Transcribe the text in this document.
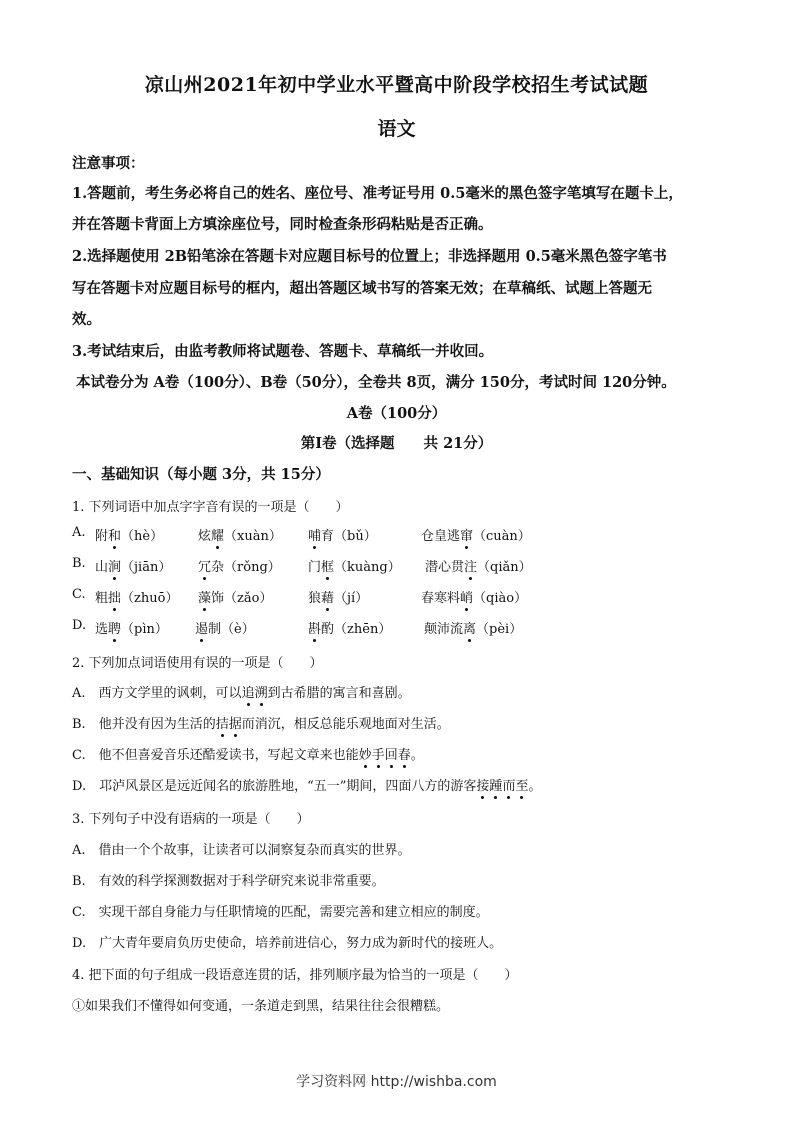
凉山州2021年初中学业水平暨高中阶段学校招生考试试题
语文
注意事项：
1.答题前，考生务必将自己的姓名、座位号、准考证号用 0.5毫米的黑色签字笔填写在题卡上，
并在答题卡背面上方填涂座位号，同时检查条形码粘贴是否正确。
2.选择题使用 2B铅笔涂在答题卡对应题目标号的位置上；非选择题用 0.5毫米黑色签字笔书
写在答题卡对应题目标号的框内，超出答题区域书写的答案无效；在草稿纸、试题上答题无
效。
3.考试结束后，由监考教师将试题卷、答题卡、草稿纸一并收回。
本试卷分为 A卷（100分）、B卷（50分），全卷共 8页，满分 150分，考试时间 120分钟。
A卷（100分）
第Ⅰ卷（选择题　　共 21分）
一、基础知识（每小题 3分，共 15分）
1. 下列词语中加点字字音有误的一项是（　　）
A. 附和（hè）	炫耀（xuàn） 哺育（bǔ）	仓皇逃窜（cuàn）
B. 山涧（jiān） 冗杂（rǒng） 门框（kuàng） 潜心贯注（qiǎn）
C. 粗拙（zhuō） 藻饰（zǎo）	狼藉（jí）	春寒料峭（qiào）
D. 选聘（pìn） 遏制（è）	斟酌（zhēn）	颠沛流离（pèi）
2. 下列加点词语使用有误的一项是（　　）
A.　 西方文学里的讽刺，可以追溯到古希腊的寓言和喜剧。
B.　 他并没有因为生活的拮据而消沉，相反总能乐观地面对生活。
C.　 他不但喜爱音乐还酷爱读书，写起文章来也能妙手回春。
D.　 邛泸风景区是远近闻名的旅游胜地，“五一”期间，四面八方的游客接踵而至。
3. 下列句子中没有语病的一项是（　　）
A.　借由一个个故事，让读者可以洞察复杂而真实的世界。
B.　有效的科学探测数据对于科学研究来说非常重要。
C.　实现干部自身能力与任职情境的匹配，需要完善和建立相应的制度。
D.　广大青年要肩负历史使命，培养前进信心，努力成为新时代的接班人。
4. 把下面的句子组成一段语意连贯的话，排列顺序最为恰当的一项是（　　）
①如果我们不懂得如何变通，一条道走到黑，结果往往会很糟糕。
学习资料网 http://wishba.com
